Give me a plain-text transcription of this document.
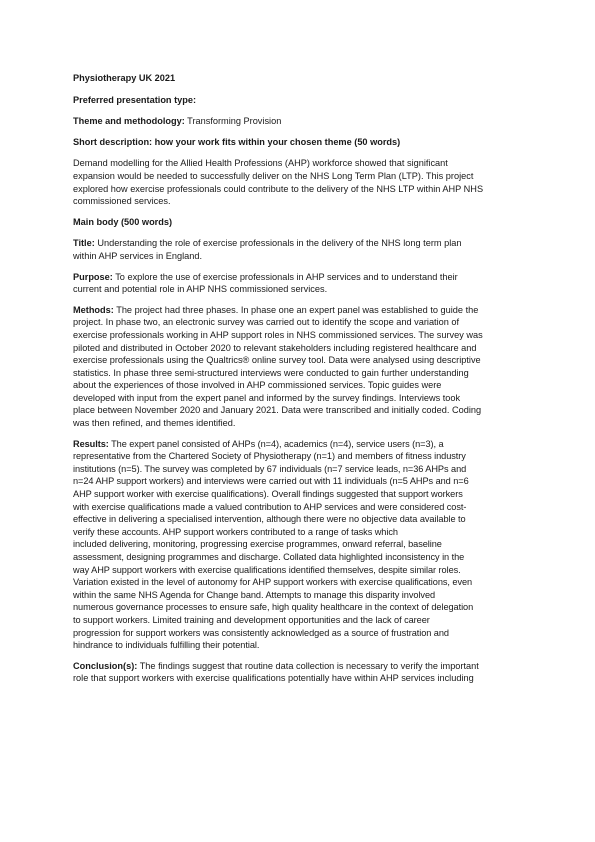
Physiotherapy UK 2021
Preferred presentation type:
Theme and methodology: Transforming Provision
Short description: how your work fits within your chosen theme (50 words)
Demand modelling for the Allied Health Professions (AHP) workforce showed that significant
expansion would be needed to successfully deliver on the NHS Long Term Plan (LTP). This project
explored how exercise professionals could contribute to the delivery of the NHS LTP within AHP NHS
commissioned services.
Main body (500 words)
Title: Understanding the role of exercise professionals in the delivery of the NHS long term plan
within AHP services in England.
Purpose: To explore the use of exercise professionals in AHP services and to understand their
current and potential role in AHP NHS commissioned services.
Methods: The project had three phases. In phase one an expert panel was established to guide the
project. In phase two, an electronic survey was carried out to identify the scope and variation of
exercise professionals working in AHP support roles in NHS commissioned services. The survey was
piloted and distributed in October 2020 to relevant stakeholders including registered healthcare and
exercise professionals using the Qualtrics® online survey tool. Data were analysed using descriptive
statistics. In phase three semi-structured interviews were conducted to gain further understanding
about the experiences of those involved in AHP commissioned services. Topic guides were
developed with input from the expert panel and informed by the survey findings. Interviews took
place between November 2020 and January 2021. Data were transcribed and initially coded. Coding
was then refined, and themes identified.
Results: The expert panel consisted of AHPs (n=4), academics (n=4), service users (n=3), a
representative from the Chartered Society of Physiotherapy (n=1) and members of fitness industry
institutions (n=5). The survey was completed by 67 individuals (n=7 service leads, n=36 AHPs and
n=24 AHP support workers) and interviews were carried out with 11 individuals (n=5 AHPs and n=6
AHP support worker with exercise qualifications). Overall findings suggested that support workers
with exercise qualifications made a valued contribution to AHP services and were considered cost-
effective in delivering a specialised intervention, although there were no objective data available to
verify these accounts. AHP support workers contributed to a range of tasks which
included delivering, monitoring, progressing exercise programmes, onward referral, baseline
assessment, designing programmes and discharge. Collated data highlighted inconsistency in the
way AHP support workers with exercise qualifications identified themselves, despite similar roles.
Variation existed in the level of autonomy for AHP support workers with exercise qualifications, even
within the same NHS Agenda for Change band. Attempts to manage this disparity involved
numerous governance processes to ensure safe, high quality healthcare in the context of delegation
to support workers. Limited training and development opportunities and the lack of career
progression for support workers was consistently acknowledged as a source of frustration and
hindrance to individuals fulfilling their potential.
Conclusion(s): The findings suggest that routine data collection is necessary to verify the important
role that support workers with exercise qualifications potentially have within AHP services including
